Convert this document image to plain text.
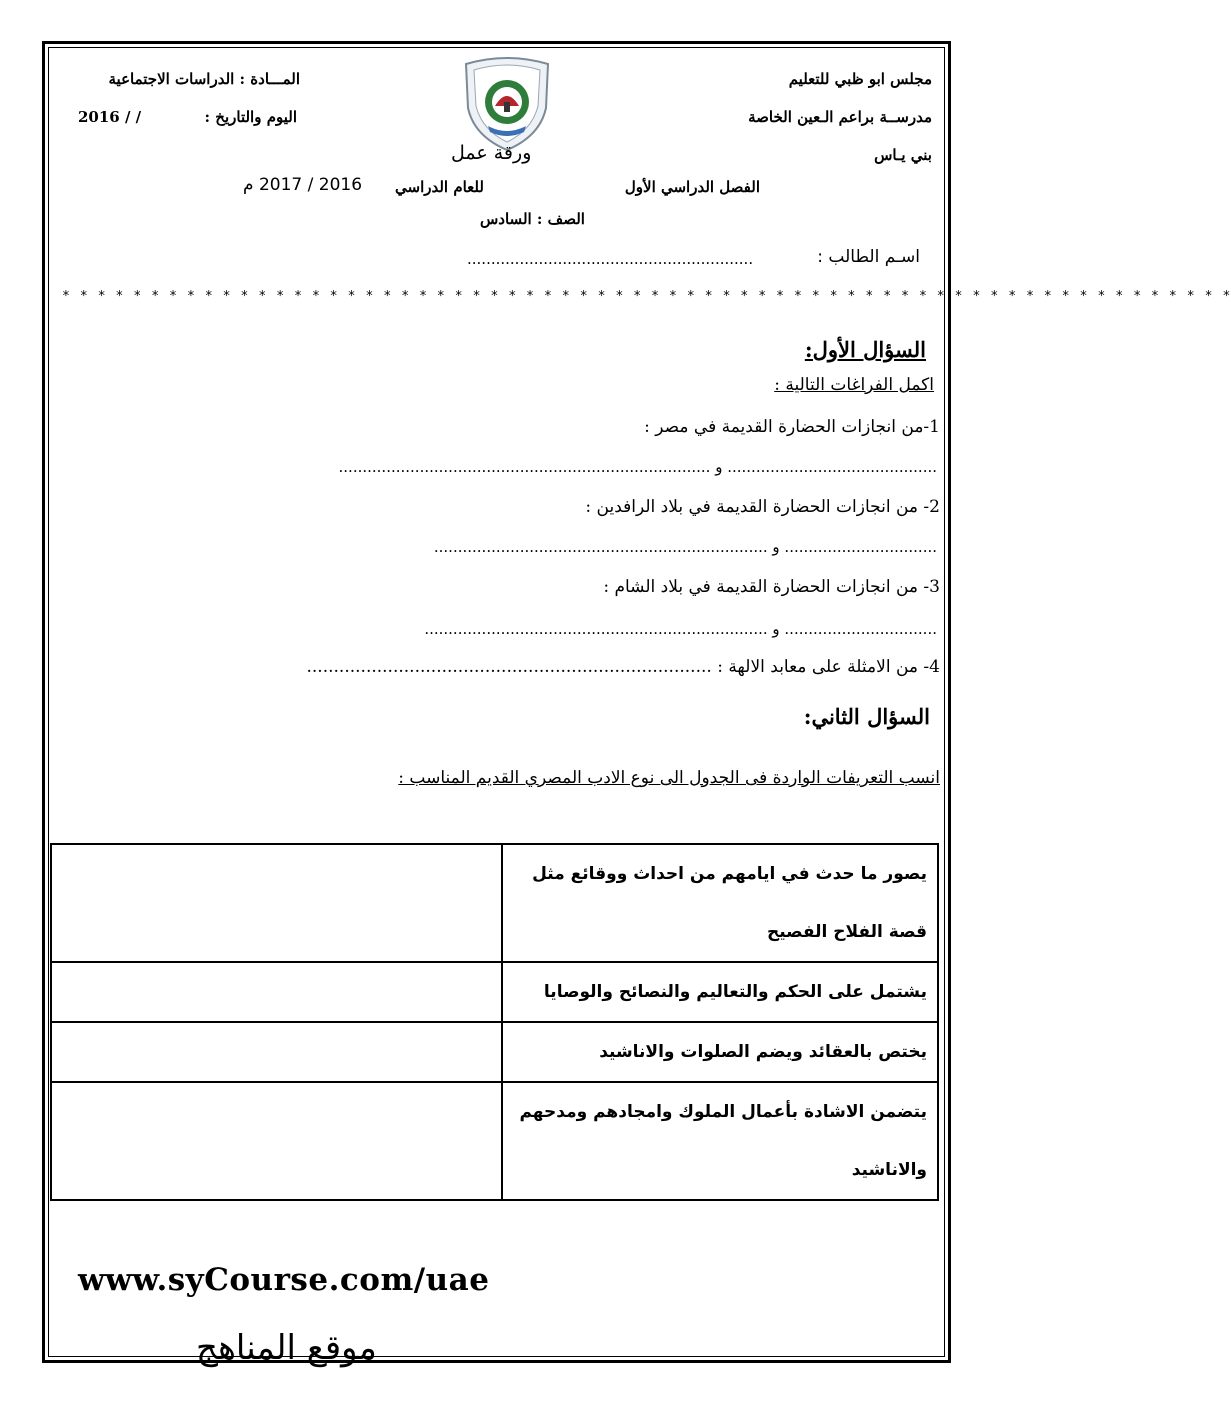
مجلس ابو ظبي للتعليم
مدرســة براعم الـعين الخاصة
بني يـاس
المـــادة : الدراسات الاجتماعية
اليوم والتاريخ :
2016 / /
ورقة عمل
الفصل الدراسي الأول
للعام الدراسي
2016 / 2017 م
الصف : السادس
اسـم الطالب :
............................................................
* * * * * * * * * * * * * * * * * * * * * * * * * * * * * * * * * * * * * * * * * * * * * * * * * * * * * * * * * * * * * * * * * *
السؤال الأول:
اكمل الفراغات التالية :
1-من انجازات الحضارة القديمة في مصر :
............................................ و ..............................................................................
2- من انجازات الحضارة القديمة في بلاد الرافدين :
................................ و ......................................................................
3- من انجازات الحضارة القديمة في بلاد الشام :
................................ و ........................................................................
4- من الامثلة على معابد الالهة : ...........................................................................
السؤال الثاني:
انسب التعريفات الواردة فى الجدول الى نوع الادب المصري القديم المناسب :
	يصور ما حدث في ايامهم من احداث ووقائع مثل قصة الفلاح الفصيح
	يشتمل على الحكم والتعاليم والنصائح والوصايا
	يختص بالعقائد ويضم الصلوات والاناشيد
	يتضمن الاشادة بأعمال الملوك وامجادهم ومدحهم والاناشيد
www.syCourse.com/uae
موقع المناهج
